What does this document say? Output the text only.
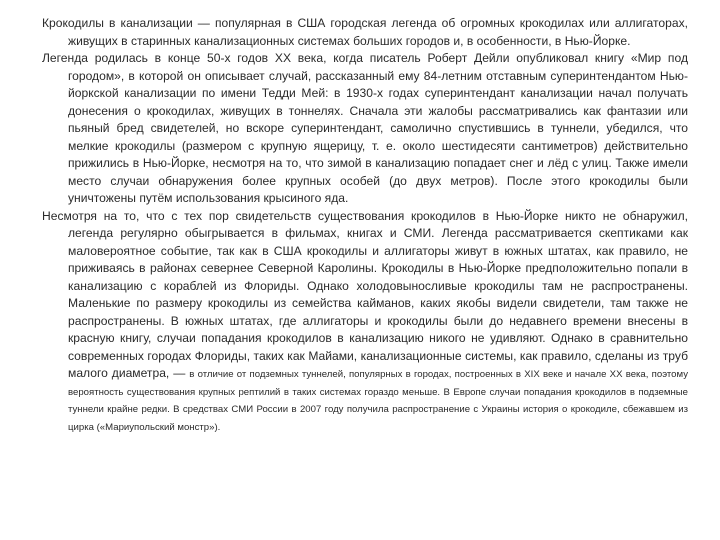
Крокодилы в канализации — популярная в США городская легенда об огромных крокодилах или аллигаторах, живущих в старинных канализационных системах больших городов и, в особенности, в Нью-Йорке.

Легенда родилась в конце 50-х годов XX века, когда писатель Роберт Дейли опубликовал книгу «Мир под городом», в которой он описывает случай, рассказанный ему 84-летним отставным суперинтендантом Нью-йоркской канализации по имени Тедди Мей: в 1930-х годах суперинтендант канализации начал получать донесения о крокодилах, живущих в тоннелях. Сначала эти жалобы рассматривались как фантазии или пьяный бред свидетелей, но вскоре суперинтендант, самолично спустившись в туннели, убедился, что мелкие крокодилы (размером с крупную ящерицу, т. е. около шестидесяти сантиметров) действительно прижились в Нью-Йорке, несмотря на то, что зимой в канализацию попадает снег и лёд с улиц. Также имели место случаи обнаружения более крупных особей (до двух метров). После этого крокодилы были уничтожены путём использования крысиного яда.

Несмотря на то, что с тех пор свидетельств существования крокодилов в Нью-Йорке никто не обнаружил, легенда регулярно обыгрывается в фильмах, книгах и СМИ. Легенда рассматривается скептиками как маловероятное событие, так как в США крокодилы и аллигаторы живут в южных штатах, как правило, не приживаясь в районах севернее Северной Каролины. Крокодилы в Нью-Йорке предположительно попали в канализацию с кораблей из Флориды. Однако холодовыносливые крокодилы там не распространены. Маленькие по размеру крокодилы из семейства кайманов, каких якобы видели свидетели, там также не распространены. В южных штатах, где аллигаторы и крокодилы были до недавнего времени внесены в красную книгу, случаи попадания крокодилов в канализацию никого не удивляют. Однако в сравнительно современных городах Флориды, таких как Майами, канализационные системы, как правило, сделаны из труб малого диаметра, — в отличие от подземных туннелей, популярных в городах, построенных в XIX веке и начале XX века, поэтому вероятность существования крупных рептилий в таких системах гораздо меньше. В Европе случаи попадания крокодилов в подземные туннели крайне редки. В средствах СМИ России в 2007 году получила распространение с Украины история о крокодиле, сбежавшем из цирка («Мариупольский монстр»).
